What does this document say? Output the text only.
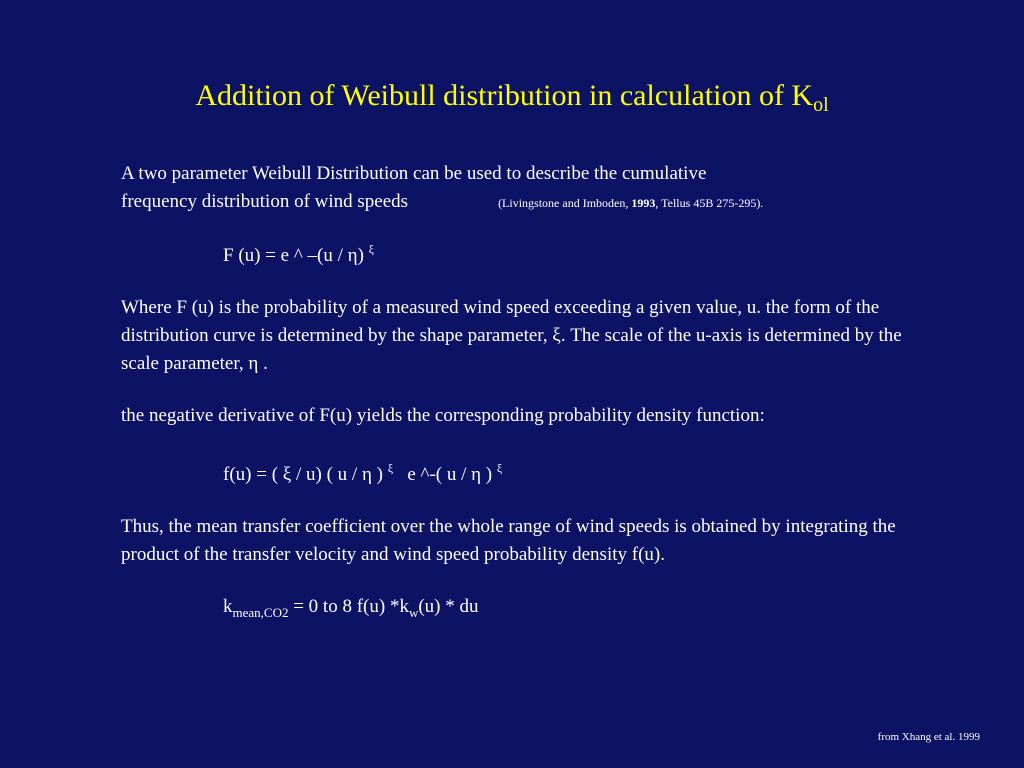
Addition of Weibull distribution in calculation of $K_{ol}$

A two parameter Weibull Distribution can be used to describe the cumulative
frequency distribution of wind speeds	(Livingstone and Imboden, 1993, Tellus 45B 275-295).

F (u) = e ^ –(u / η) $^\xi$

Where F (u) is the probability of a measured wind speed exceeding a given value, u. the form of the distribution curve is determined by the shape parameter, ξ. The scale of the u-axis is determined by the scale parameter, η .

the negative derivative of F(u) yields the corresponding probability density function:

f(u) = ( ξ / u) ( u / η ) $^\xi$ e ^-( u / η ) $^\xi$

Thus, the mean transfer coefficient over the whole range of wind speeds is obtained by integrating the product of the transfer velocity and wind speed probability density f(u).

$k_{mean,CO2} = 0$ to 8 f(u) $*k_w(u)$ * du

from Xhang et al. 1999
